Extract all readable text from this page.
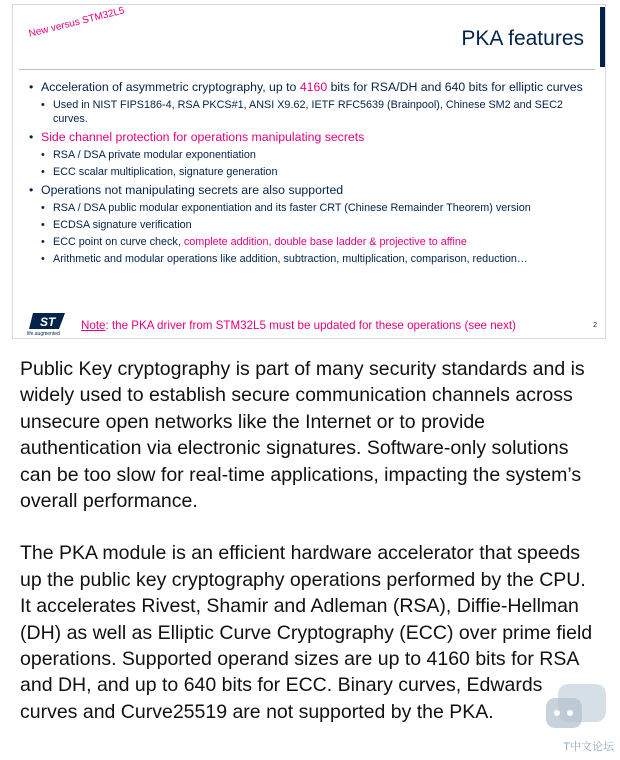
New versus STM32L5	PKA features
• Acceleration of asymmetric cryptography, up to 4160 bits for RSA/DH and 640 bits for elliptic curves
• Used in NIST FIPS186-4, RSA PKCS#1, ANSI X9.62, IETF RFC5639 (Brainpool), Chinese SM2 and SEC2 curves.
• Side channel protection for operations manipulating secrets
• RSA / DSA private modular exponentiation
• ECC scalar multiplication, signature generation
• Operations not manipulating secrets are also supported
• RSA / DSA public modular exponentiation and its faster CRT (Chinese Remainder Theorem) version
• ECDSA signature verification
• ECC point on curve check, complete addition, double base ladder & projective to affine
• Arithmetic and modular operations like addition, subtraction, multiplication, comparison, reduction…
ST
life.augmented
Note: the PKA driver from STM32L5 must be updated for these operations (see next)	2

Public Key cryptography is part of many security standards and is widely used to establish secure communication channels across unsecure open networks like the Internet or to provide authentication via electronic signatures. Software-only solutions can be too slow for real-time applications, impacting the system’s overall performance.

The PKA module is an efficient hardware accelerator that speeds up the public key cryptography operations performed by the CPU. It accelerates Rivest, Shamir and Adleman (RSA), Diffie-Hellman (DH) as well as Elliptic Curve Cryptography (ECC) over prime field operations. Supported operand sizes are up to 4160 bits for RSA and DH, and up to 640 bits for ECC. Binary curves, Edwards curves and Curve25519 are not supported by the PKA.

T中文论坛
